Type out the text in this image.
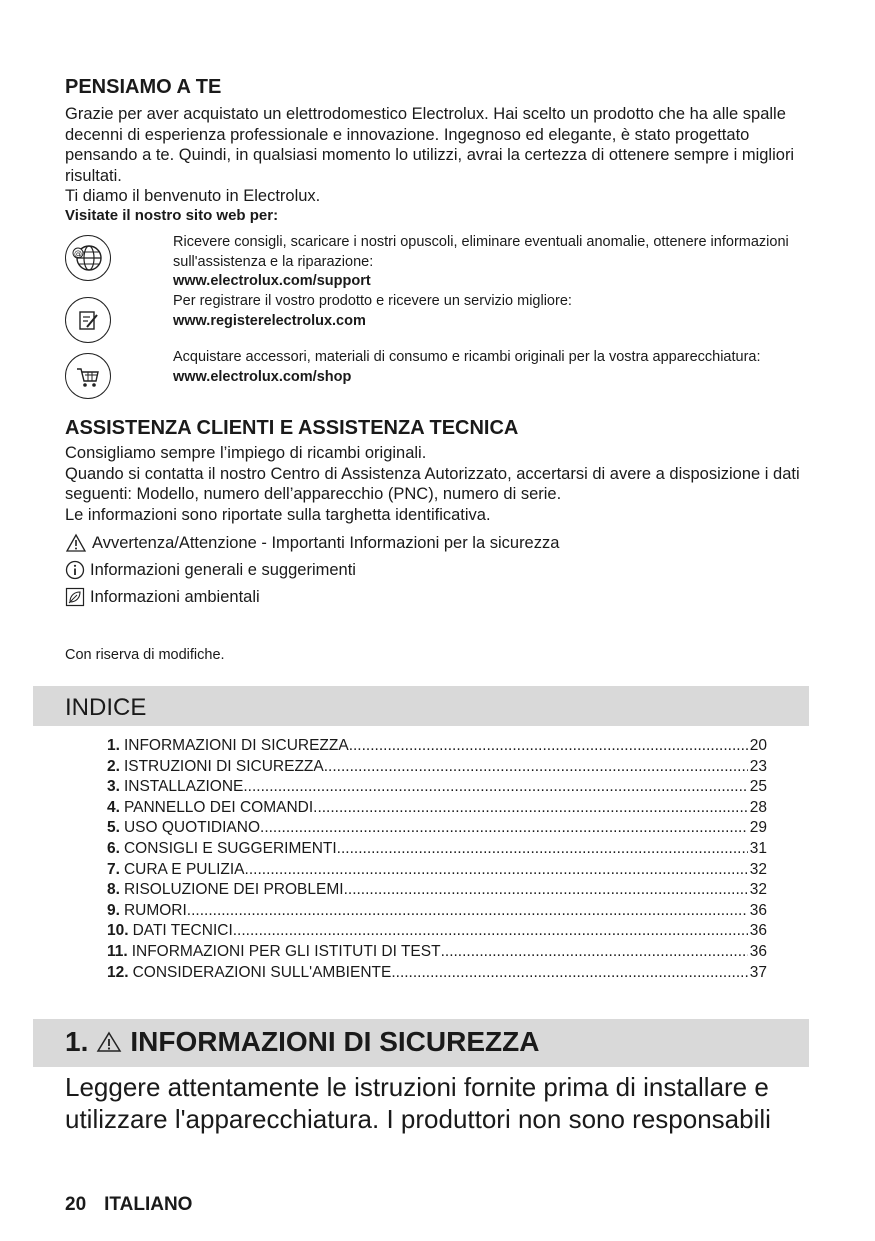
PENSIAMO A TE

Grazie per aver acquistato un elettrodomestico Electrolux. Hai scelto un prodotto che ha alle spalle decenni di esperienza professionale e innovazione. Ingegnoso ed elegante, è stato progettato pensando a te. Quindi, in qualsiasi momento lo utilizzi, avrai la certezza di ottenere sempre i migliori risultati.

Ti diamo il benvenuto in Electrolux.

Visitate il nostro sito web per:
@
Ricevere consigli, scaricare i nostri opuscoli, eliminare eventuali anomalie, ottenere informazioni sull'assistenza e la riparazione:
www.electrolux.com/support
Per registrare il vostro prodotto e ricevere un servizio migliore:
www.registerelectrolux.com
Acquistare accessori, materiali di consumo e ricambi originali per la vostra apparecchiatura:
www.electrolux.com/shop
ASSISTENZA CLIENTI E ASSISTENZA TECNICA
Consigliamo sempre l’impiego di ricambi originali.
Quando si contatta il nostro Centro di Assistenza Autorizzato, accertarsi di avere a disposizione i dati seguenti: Modello, numero dell’apparecchio (PNC), numero di serie.
Le informazioni sono riportate sulla targhetta identificativa.
Avvertenza/Attenzione - Importanti Informazioni per la sicurezza
Informazioni generali e suggerimenti
Informazioni ambientali
Con riserva di modifiche.
INDICE
1. INFORMAZIONI DI SICUREZZA .....	20
2. ISTRUZIONI DI SICUREZZA .....	23
3. INSTALLAZIONE .....	25
4. PANNELLO DEI COMANDI .....	28
5. USO QUOTIDIANO .....	29
6. CONSIGLI E SUGGERIMENTI .....	31
7. CURA E PULIZIA .....	32
8. RISOLUZIONE DEI PROBLEMI .....	32
9. RUMORI .....	36
10. DATI TECNICI .....	36
11. INFORMAZIONI PER GLI ISTITUTI DI TEST .....	36
12. CONSIDERAZIONI SULL'AMBIENTE .....	37
1. INFORMAZIONI DI SICUREZZA
Leggere attentamente le istruzioni fornite prima di installare e utilizzare l'apparecchiatura. I produttori non sono responsabili
20 ITALIANO
